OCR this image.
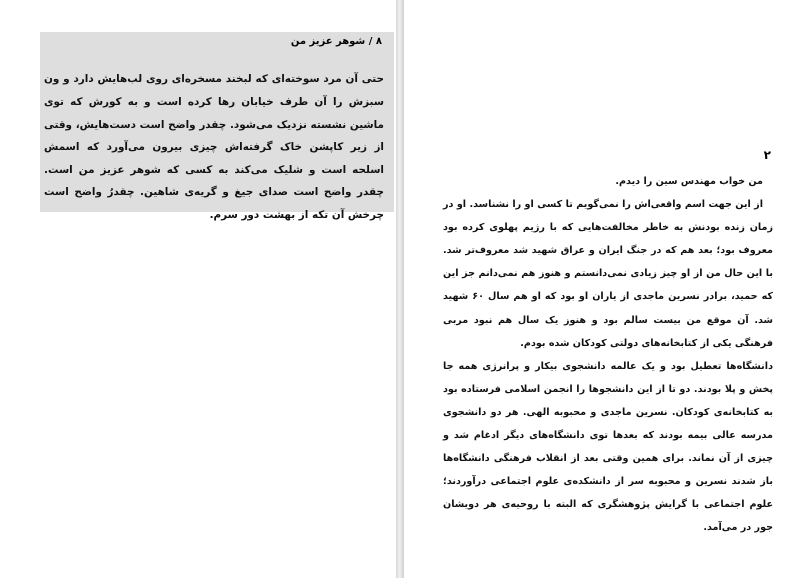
۸ / شوهر عزیز من

حتی آن مرد سوخته‌ای که لبخند مسخره‌ای روی لب‌هایش دارد و ون سبزش را آن طرف خیابان رها کرده است و به کورش که توی ماشین نشسته نزدیک می‌شود. چقدر واضح است دست‌هایش، وقتی از زیر کاپشن خاک گرفته‌اش چیزی بیرون می‌آورد که اسمش اسلحه است و شلیک می‌کند به کسی که شوهر عزیز من است. چقدر واضح است صدای جیغ و گریه‌ی شاهین. چقدرُ واضح است چرخش آن تکه از بهشت دور سرم.

۲

من خواب مهندس سین را دیدم.

از این جهت اسم واقعی‌اش را نمی‌گویم تا کسی او را نشناسد. او در زمان زنده بودنش به خاطر مخالفت‌هایی که با رژیم پهلوی کرده بود معروف بود؛ بعد هم که در جنگ ایران و عراق شهید شد معروف‌تر شد. با این حال من از او چیز زیادی نمی‌دانستم و هنوز هم نمی‌دانم جز این که حمید، برادر نسرین ماجدی از یاران او بود که او هم سال ۶۰ شهید شد. آن موقع من بیست سالم بود و هنوز یک سال هم نبود مربی فرهنگی یکی از کتابخانه‌های دولتی کودکان شده بودم.

دانشگاه‌ها تعطیل بود و یک عالمه دانشجوی بیکار و پرانرژی همه جا پخش و پلا بودند. دو تا از این دانشجوها را انجمن اسلامی فرستاده بود به کتابخانه‌ی کودکان. نسرین ماجدی و محبوبه الهی. هر دو دانشجوی مدرسه عالی بیمه بودند که بعدها توی دانشگاه‌های دیگر ادغام شد و چیزی از آن نماند. برای همین وقتی بعد از انقلاب فرهنگی دانشگاه‌ها باز شدند نسرین و محبوبه سر از دانشکده‌ی علوم اجتماعی درآوردند؛ علوم اجتماعی با گرایش پژوهشگری که البته با روحیه‌ی هر دویشان جور در می‌آمد.
